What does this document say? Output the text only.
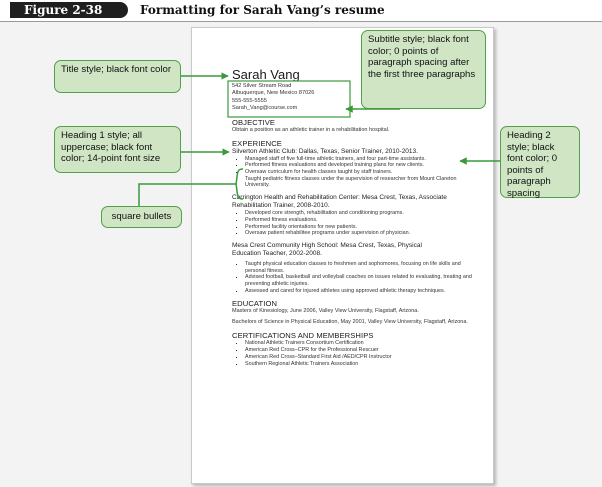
Figure 2-38	Formatting for Sarah Vang’s resume
Sarah Vang
542 Silver Stream Road
Albuquerque, New Mexico 87026
555-555-5555
Sarah_Vang@course.com
OBJECTIVE
Obtain a position as an athletic trainer in a rehabilitation hospital.
EXPERIENCE
Silverton Athletic Club: Dallas, Texas, Senior Trainer, 2010-2013.
▪ Managed staff of five full-time athletic trainers, and four part-time assistants.
▪ Performed fitness evaluations and developed training plans for new clients.
▪ Oversaw curriculum for health classes taught by staff trainers.
▪ Taught pediatric fitness classes under the supervision of researcher from Mount Clareton University.
Carrington Health and Rehabilitation Center: Mesa Crest, Texas, Associate
Rehabilitation Trainer, 2008-2010.
▪ Developed core strength, rehabilitation and conditioning programs.
▪ Performed fitness evaluations.
▪ Performed facility orientations for new patients.
▪ Oversaw patient rehabilitee programs under supervision of physician.
Mesa Crest Community High School: Mesa Crest, Texas, Physical
Education Teacher, 2002-2008.
▪ Taught physical education classes to freshmen and sophomores, focusing on life skills and personal fitness.
▪ Advised football, basketball and volleyball coaches on issues related to evaluating, treating and preventing athletic injuries.
▪ Assessed and cared for injured athletes using approved athletic therapy techniques.
EDUCATION
Masters of Kinesiology, June 2006, Valley View University, Flagstaff, Arizona.
Bachelors of Science in Physical Education, May 2001, Valley View University, Flagstaff, Arizona.
CERTIFICATIONS AND MEMBERSHIPS
▪ National Athletic Trainers Consortium Certification
▪ American Red Cross–CPR for the Professional Rescuer
▪ American Red Cross–Standard First Aid /AED/CPR Instructor
▪ Southern Regional Athletic Trainers Association
Title style; black font color
Subtitle style; black font color; 0 points of paragraph spacing after the first three paragraphs
Heading 1 style; all uppercase; black font color; 14-point font size
Heading 2 style; black font color; 0 points of paragraph spacing
square bullets
